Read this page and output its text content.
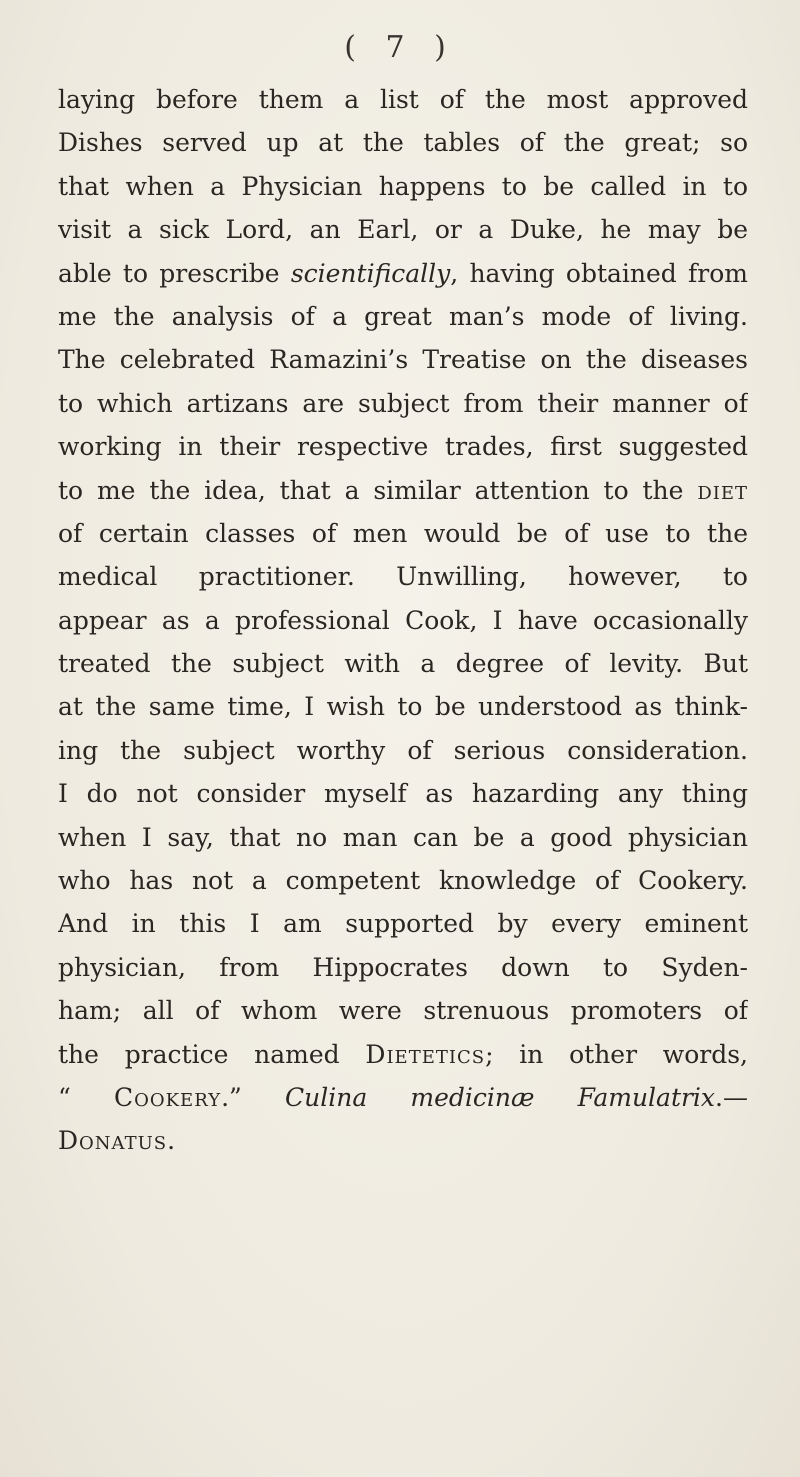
( 7 )
laying before them a list of the most approved
Dishes served up at the tables of the great; so
that when a Physician happens to be called in to
visit a sick Lord, an Earl, or a Duke, he may be
able to prescribe scientifically, having obtained from
me the analysis of a great man’s mode of living.
The celebrated Ramazini’s Treatise on the diseases
to which artizans are subject from their manner of
working in their respective trades, first suggested
to me the idea, that a similar attention to the diet
of certain classes of men would be of use to the
medical practitioner. Unwilling, however, to
appear as a professional Cook, I have occasionally
treated the subject with a degree of levity. But
at the same time, I wish to be understood as think-
ing the subject worthy of serious consideration.
I do not consider myself as hazarding any thing
when I say, that no man can be a good physician
who has not a competent knowledge of Cookery.
And in this I am supported by every eminent
physician, from Hippocrates down to Syden-
ham; all of whom were strenuous promoters of
the practice named Dietetics; in other words,
“ Cookery.” Culina medicinæ Famulatrix.—
Donatus.
